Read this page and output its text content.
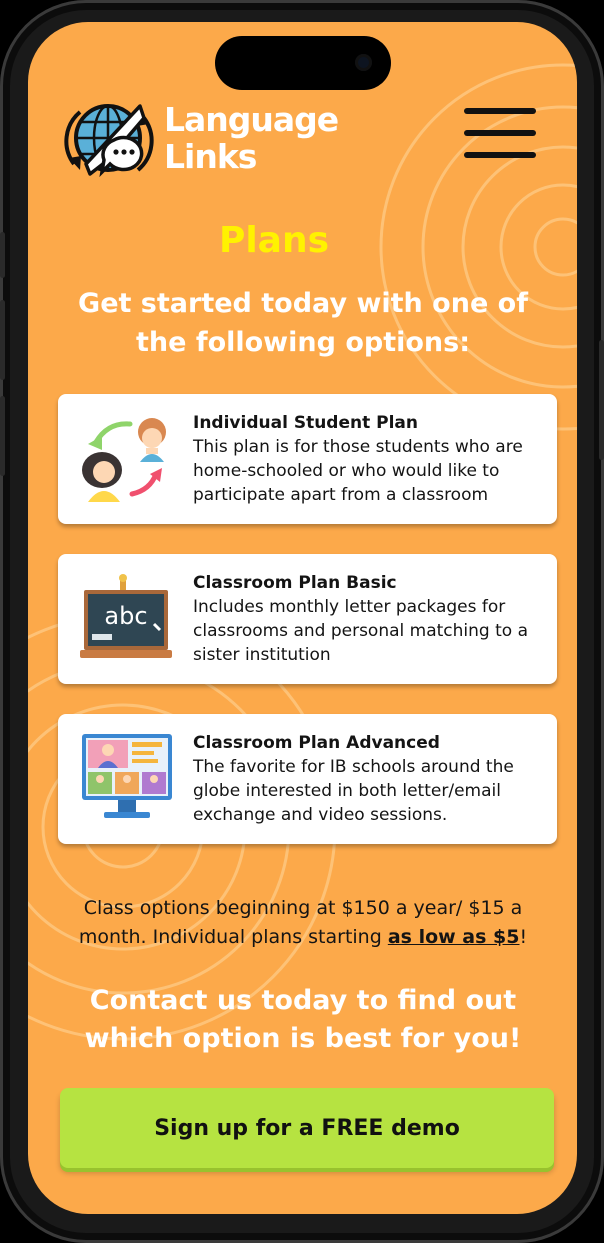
Language
Links
Plans
Get started today with one of the following options:
Individual Student Plan
This plan is for those students who are home-schooled or who would like to participate apart from a classroom
abc
Classroom Plan Basic
Includes monthly letter packages for classrooms and personal matching to a sister institution
Classroom Plan Advanced
The favorite for IB schools around the globe interested in both letter/email exchange and video sessions.
Class options beginning at $150 a year/ $15 a month. Individual plans starting as low as $5!
Contact us today to find out which option is best for you!
Sign up for a FREE demo
